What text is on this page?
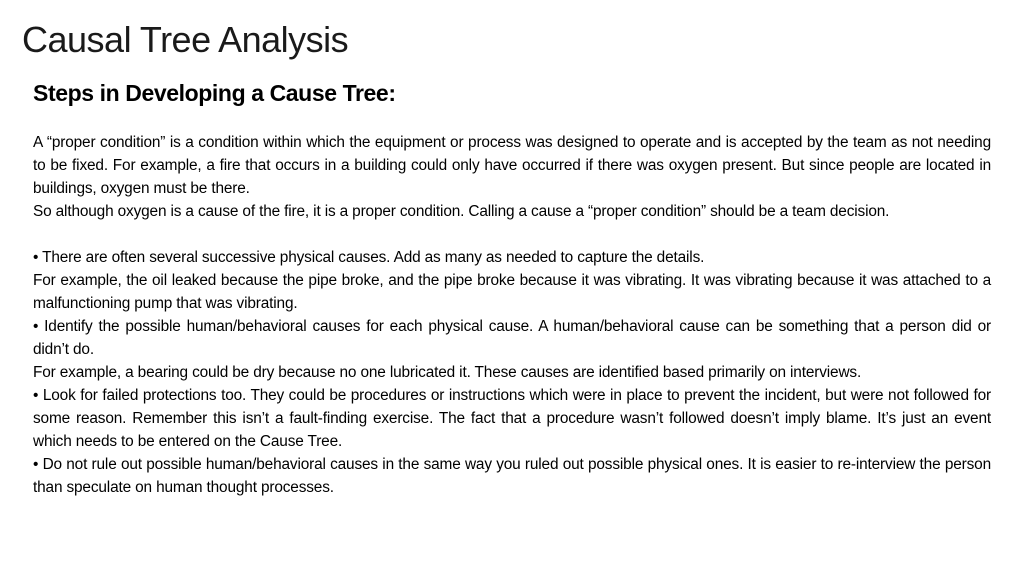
Causal Tree Analysis
Steps in Developing a Cause Tree:

A “proper condition” is a condition within which the equipment or process was designed to operate and is accepted by the team as not needing to be fixed. For example, a fire that occurs in a building could only have occurred if there was oxygen present. But since people are located in buildings, oxygen must be there.

So although oxygen is a cause of the fire, it is a proper condition. Calling a cause a “proper condition” should be a team decision.

• There are often several successive physical causes. Add as many as needed to capture the details.

For example, the oil leaked because the pipe broke, and the pipe broke because it was vibrating. It was vibrating because it was attached to a malfunctioning pump that was vibrating.

• Identify the possible human/behavioral causes for each physical cause. A human/behavioral cause can be something that a person did or didn’t do.

For example, a bearing could be dry because no one lubricated it. These causes are identified based primarily on interviews.

• Look for failed protections too. They could be procedures or instructions which were in place to prevent the incident, but were not followed for some reason. Remember this isn’t a fault-finding exercise. The fact that a procedure wasn’t followed doesn’t imply blame. It’s just an event which needs to be entered on the Cause Tree.

• Do not rule out possible human/behavioral causes in the same way you ruled out possible physical ones. It is easier to re-interview the person than speculate on human thought processes.
